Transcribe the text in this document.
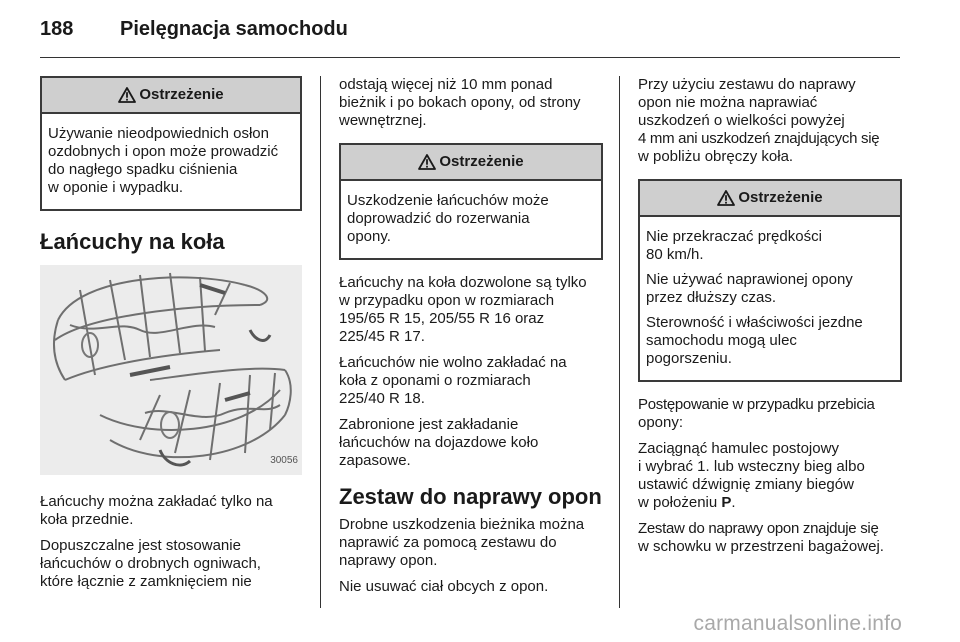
188	Pielęgnacja samochodu
Ostrzeżenie

Używanie nieodpowiednich osłon
ozdobnych i opon może prowadzić
do nagłego spadku ciśnienia
w oponie i wypadku.

Łańcuchy na koła
30056

Łańcuchy można zakładać tylko na
koła przednie.

Dopuszczalne jest stosowanie
łańcuchów o drobnych ogniwach,
które łącznie z zamknięciem nie

odstają więcej niż 10 mm ponad
bieżnik i po bokach opony, od strony
wewnętrznej.

Ostrzeżenie

Uszkodzenie łańcuchów może
doprowadzić do rozerwania
opony.

Łańcuchy na koła dozwolone są tylko
w przypadku opon w rozmiarach
195/65 R 15, 205/55 R 16 oraz
225/45 R 17.

Łańcuchów nie wolno zakładać na
koła z oponami o rozmiarach
225/40 R 18.

Zabronione jest zakładanie
łańcuchów na dojazdowe koło
zapasowe.

Zestaw do naprawy opon

Drobne uszkodzenia bieżnika można
naprawić za pomocą zestawu do
naprawy opon.

Nie usuwać ciał obcych z opon.

Przy użyciu zestawu do naprawy
opon nie można naprawiać
uszkodzeń o wielkości powyżej
4 mm ani uszkodzeń znajdujących się
w pobliżu obręczy koła.

Ostrzeżenie

Nie przekraczać prędkości
80 km/h.

Nie używać naprawionej opony
przez dłuższy czas.

Sterowność i właściwości jezdne
samochodu mogą ulec
pogorszeniu.

Postępowanie w przypadku przebicia
opony:

Zaciągnąć hamulec postojowy
i wybrać 1. lub wsteczny bieg albo
ustawić dźwignię zmiany biegów
w położeniu P.

Zestaw do naprawy opon znajduje się
w schowku w przestrzeni bagażowej.

carmanualsonline.info
